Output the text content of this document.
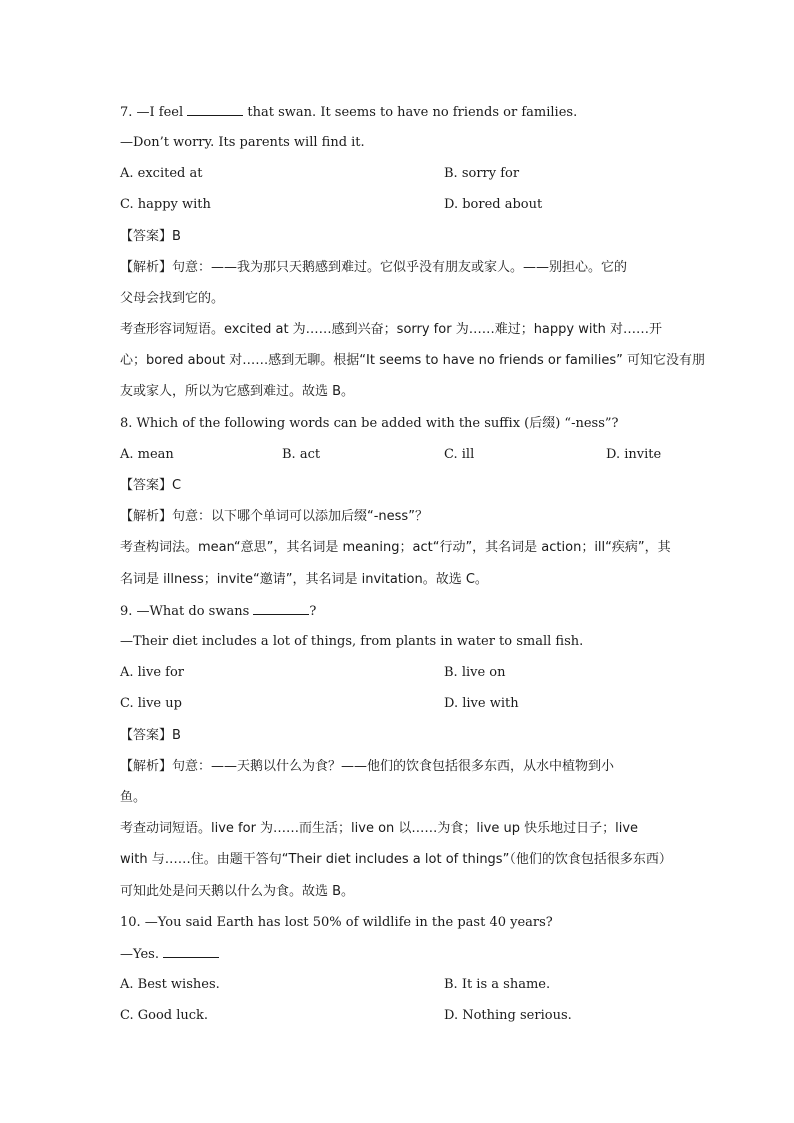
7. —I feel	that swan. It seems to have no friends or families.
—Don’t worry. Its parents will find it.
A. excited at	B. sorry for
C. happy with	D. bored about
【答案】B
【解析】句意：——我为那只天鹅感到难过。它似乎没有朋友或家人。——别担心。它的
父母会找到它的。
考查形容词短语。excited at 为……感到兴奋；sorry for 为……难过；happy with 对……开
心；bored about 对……感到无聊。根据“It seems to have no friends or families” 可知它没有朋
友或家人，所以为它感到难过。故选 B。
8. Which of the following words can be added with the suffix (后缀) “-ness”?
A. mean	B. act	C. ill	D. invite
【答案】C
【解析】句意：以下哪个单词可以添加后缀“-ness”？
考查构词法。mean“意思”，其名词是 meaning；act“行动”，其名词是 action；ill“疾病”，其
名词是 illness；invite“邀请”，其名词是 invitation。故选 C。
9. —What do swans	?
—Their diet includes a lot of things, from plants in water to small fish.
A. live for	B. live on
C. live up	D. live with
【答案】B
【解析】句意：——天鹅以什么为食？——他们的饮食包括很多东西，从水中植物到小
鱼。
考查动词短语。live for 为……而生活；live on 以……为食；live up 快乐地过日子；live
with 与……住。由题干答句“Their diet includes a lot of things”（他们的饮食包括很多东西）
可知此处是问天鹅以什么为食。故选 B。
10. —You said Earth has lost 50% of wildlife in the past 40 years?
—Yes.
A. Best wishes.	B. It is a shame.
C. Good luck.	D. Nothing serious.
